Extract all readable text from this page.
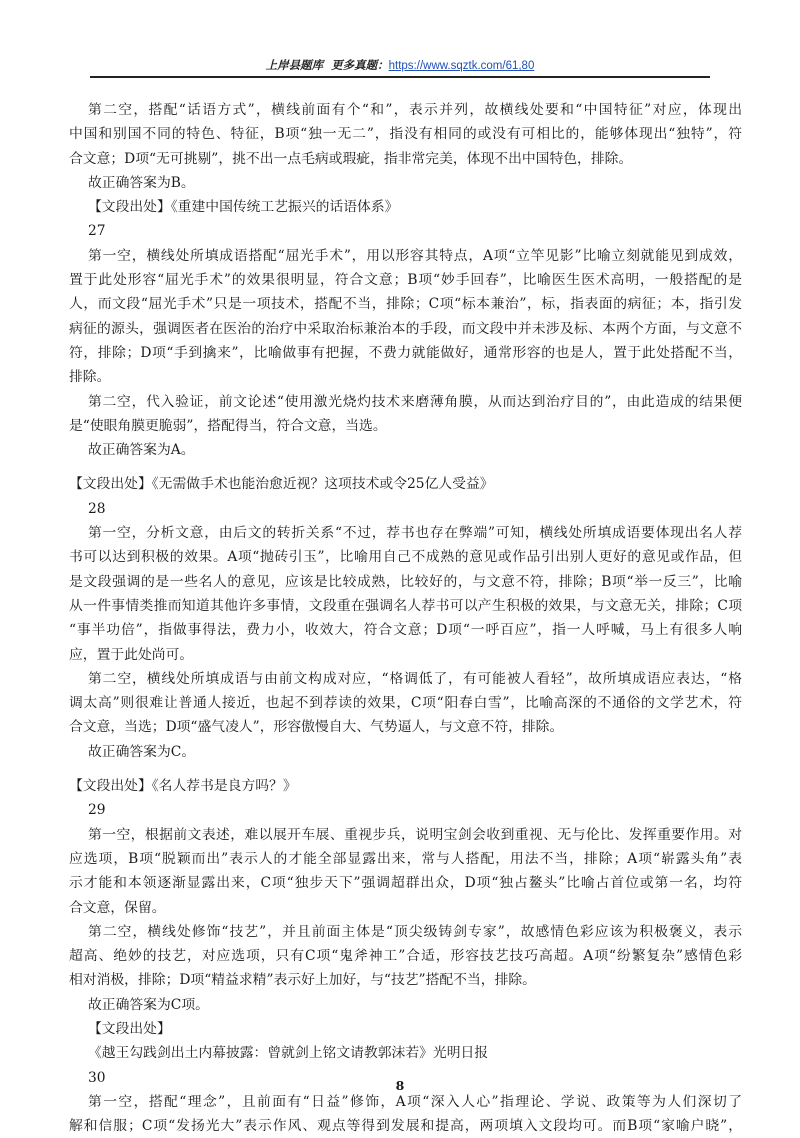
上岸县题库 更多真题：https://www.sqztk.com/61,80
第二空，搭配“话语方式”，横线前面有个“和”，表示并列，故横线处要和“中国特征”对应，体现出
中国和别国不同的特色、特征，B项“独一无二”，指没有相同的或没有可相比的，能够体现出“独特”，符
合文意；D项“无可挑剔”，挑不出一点毛病或瑕疵，指非常完美，体现不出中国特色，排除。
故正确答案为B。
【文段出处】《重建中国传统工艺振兴的话语体系》
27
第一空，横线处所填成语搭配“屈光手术”，用以形容其特点，A项“立竿见影”比喻立刻就能见到成效，
置于此处形容“屈光手术”的效果很明显，符合文意；B项“妙手回春”，比喻医生医术高明，一般搭配的是
人，而文段“屈光手术”只是一项技术，搭配不当，排除；C项“标本兼治”，标，指表面的病征；本，指引发
病征的源头，强调医者在医治的治疗中采取治标兼治本的手段，而文段中并未涉及标、本两个方面，与文意不
符，排除；D项“手到擒来”，比喻做事有把握，不费力就能做好，通常形容的也是人，置于此处搭配不当，
排除。
第二空，代入验证，前文论述“使用激光烧灼技术来磨薄角膜，从而达到治疗目的”，由此造成的结果便
是“使眼角膜更脆弱”，搭配得当，符合文意，当选。
故正确答案为A。
【文段出处】《无需做手术也能治愈近视？这项技术或令25亿人受益》
28
第一空，分析文意，由后文的转折关系“不过，荐书也存在弊端”可知，横线处所填成语要体现出名人荐
书可以达到积极的效果。A项“抛砖引玉”，比喻用自己不成熟的意见或作品引出别人更好的意见或作品，但
是文段强调的是一些名人的意见，应该是比较成熟，比较好的，与文意不符，排除；B项“举一反三”，比喻
从一件事情类推而知道其他许多事情，文段重在强调名人荐书可以产生积极的效果，与文意无关，排除；C项
“事半功倍”，指做事得法，费力小，收效大，符合文意；D项“一呼百应”，指一人呼喊，马上有很多人响
应，置于此处尚可。
第二空，横线处所填成语与由前文构成对应，“格调低了，有可能被人看轻”，故所填成语应表达，“格
调太高”则很难让普通人接近，也起不到荐读的效果，C项“阳春白雪”，比喻高深的不通俗的文学艺术，符
合文意，当选；D项“盛气凌人”，形容傲慢自大、气势逼人，与文意不符，排除。
故正确答案为C。
【文段出处】《名人荐书是良方吗？》
29
第一空，根据前文表述，难以展开车展、重视步兵，说明宝剑会收到重视、无与伦比、发挥重要作用。对
应选项，B项“脱颖而出”表示人的才能全部显露出来，常与人搭配，用法不当，排除；A项“崭露头角”表
示才能和本领逐渐显露出来，C项“独步天下”强调超群出众，D项“独占鳌头”比喻占首位或第一名，均符
合文意，保留。
第二空，横线处修饰“技艺”，并且前面主体是“顶尖级铸剑专家”，故感情色彩应该为积极褒义，表示
超高、绝妙的技艺，对应选项，只有C项“鬼斧神工”合适，形容技艺技巧高超。A项“纷繁复杂”感情色彩
相对消极，排除；D项“精益求精”表示好上加好，与“技艺”搭配不当，排除。
故正确答案为C项。
【文段出处】
《越王勾践剑出土内幕披露：曾就剑上铭文请教郭沫若》光明日报
30
第一空，搭配“理念”，且前面有“日益”修饰，A项“深入人心”指理论、学说、政策等为人们深切了
解和信服；C项“发扬光大”表示作风、观点等得到发展和提高，两项填入文段均可。而B项“家喻户晓”，
8
